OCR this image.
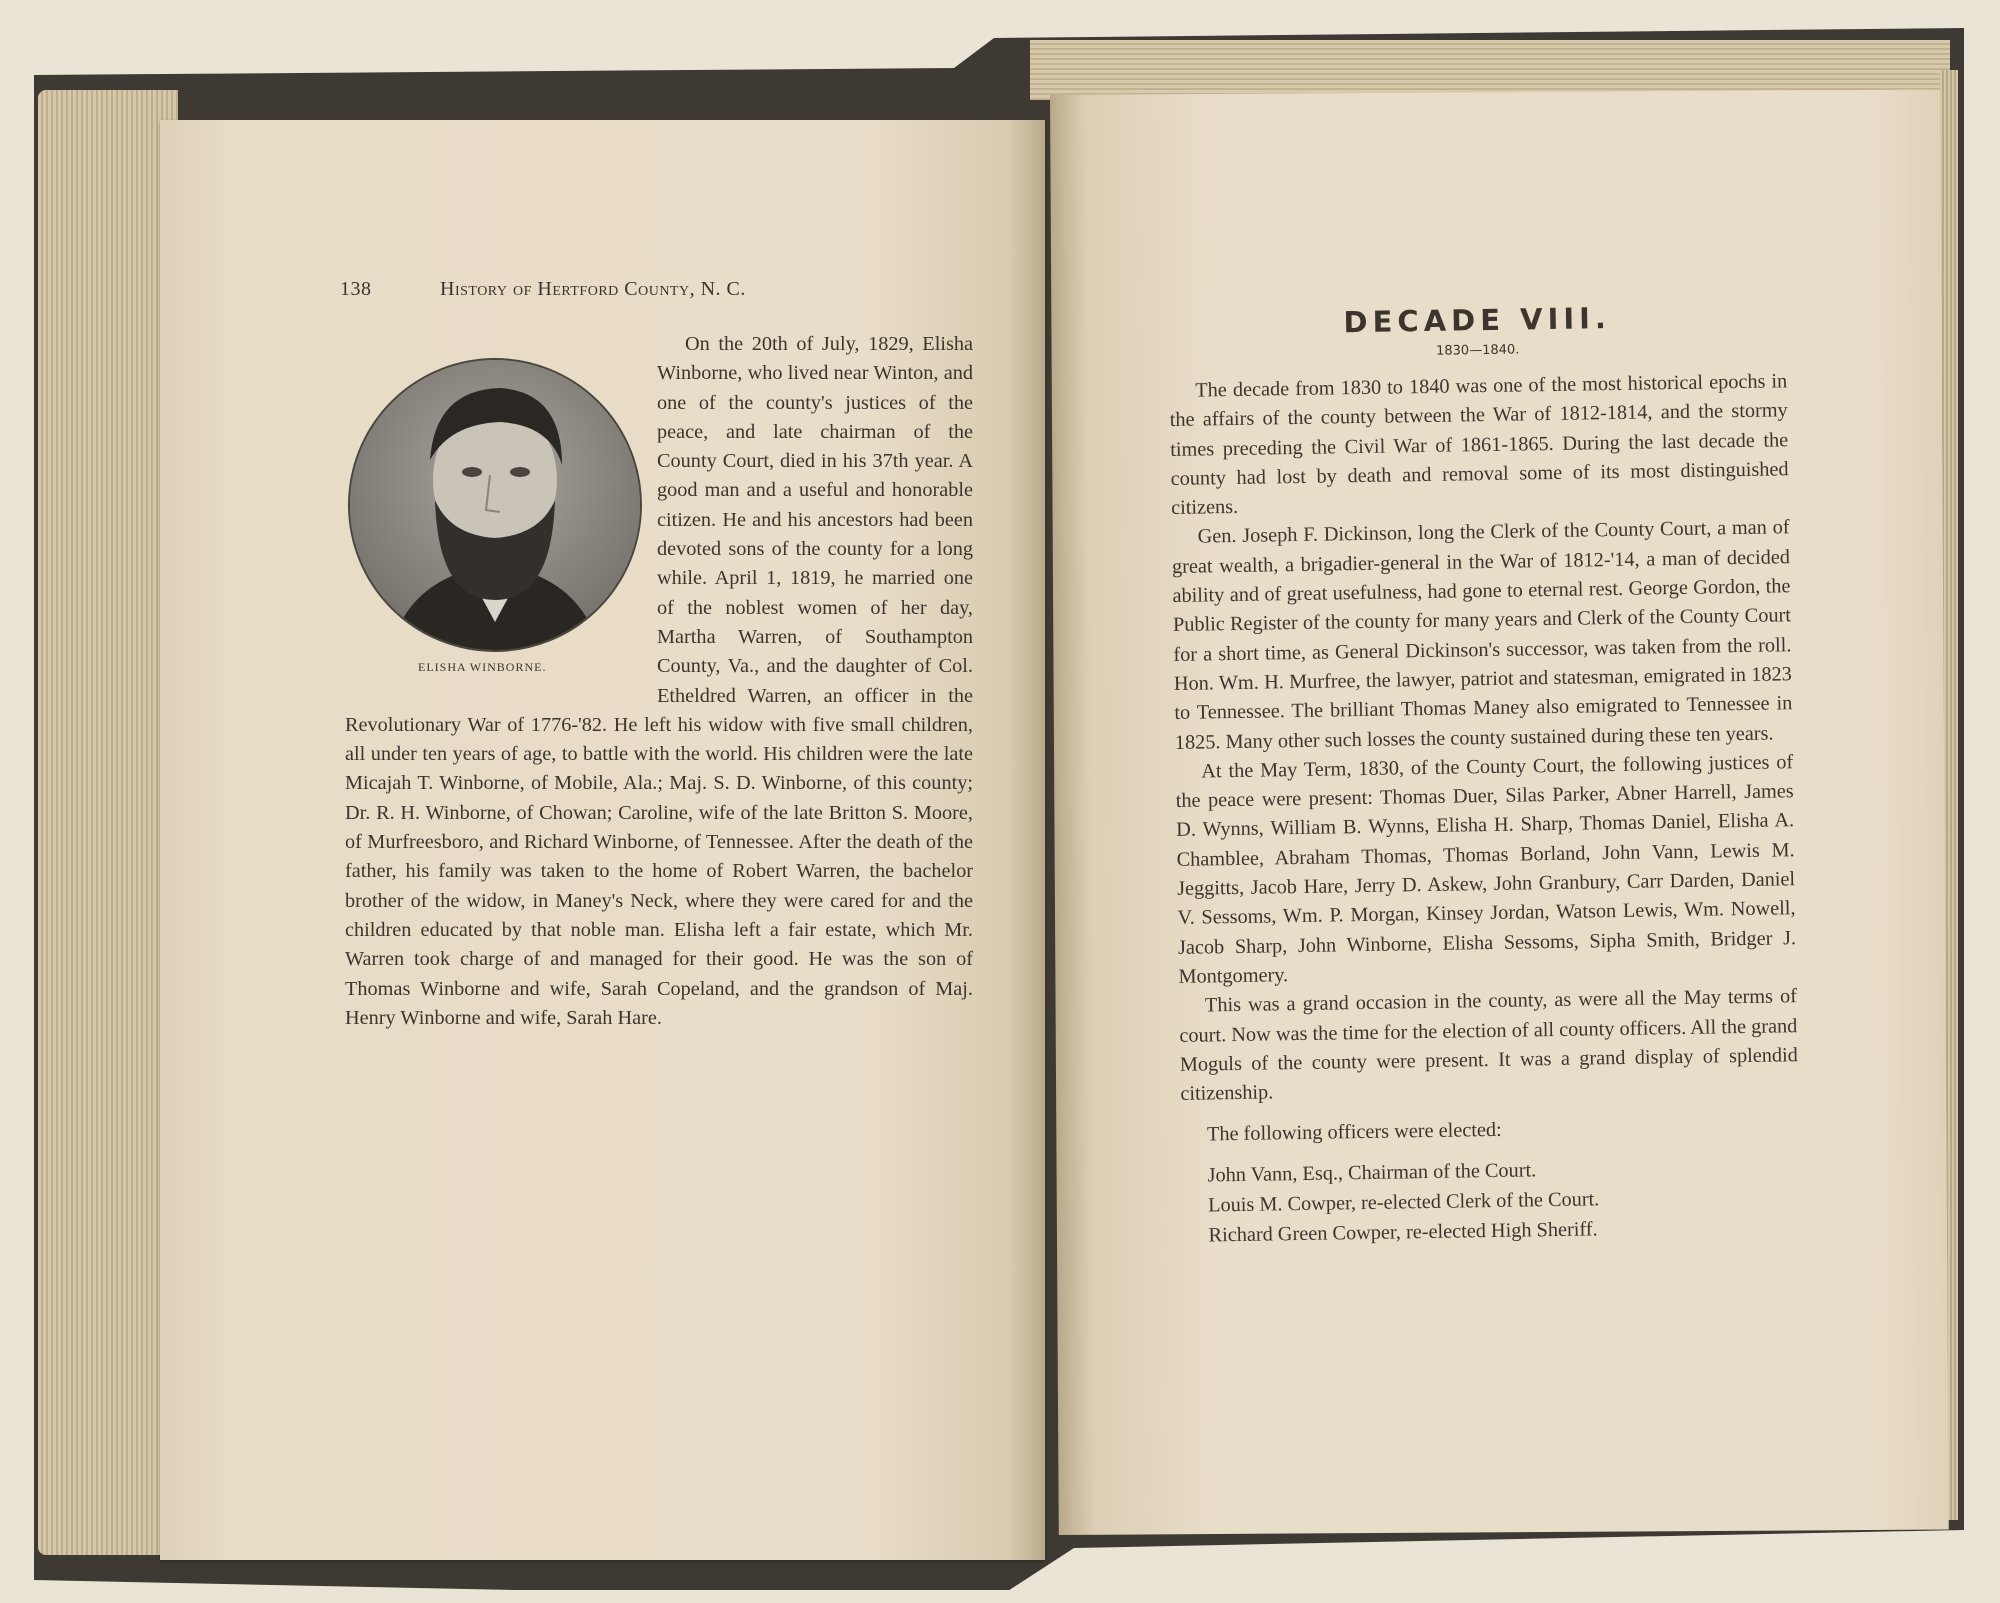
138	History of Hertford County, N. C.
ELISHA WINBORNE.

On the 20th of July, 1829, Elisha Winborne, who lived near Winton, and one of the county's justices of the peace, and late chairman of the County Court, died in his 37th year. A good man and a useful and honorable citizen. He and his ancestors had been devoted sons of the county for a long while. April 1, 1819, he married one of the noblest women of her day, Martha Warren, of Southampton County, Va., and the daughter of Col. Etheldred Warren, an officer in the Revolutionary War of 1776-'82. He left his widow with five small children, all under ten years of age, to battle with the world. His children were the late Micajah T. Winborne, of Mobile, Ala.; Maj. S. D. Winborne, of this county; Dr. R. H. Winborne, of Chowan; Caroline, wife of the late Britton S. Moore, of Murfreesboro, and Richard Winborne, of Tennessee. After the death of the father, his family was taken to the home of Robert Warren, the bachelor brother of the widow, in Maney's Neck, where they were cared for and the children educated by that noble man. Elisha left a fair estate, which Mr. Warren took charge of and managed for their good. He was the son of Thomas Winborne and wife, Sarah Copeland, and the grandson of Maj. Henry Winborne and wife, Sarah Hare.

DECADE VIII.
1830—1840.

The decade from 1830 to 1840 was one of the most historical epochs in the affairs of the county between the War of 1812-1814, and the stormy times preceding the Civil War of 1861-1865. During the last decade the county had lost by death and removal some of its most distinguished citizens.

Gen. Joseph F. Dickinson, long the Clerk of the County Court, a man of great wealth, a brigadier-general in the War of 1812-'14, a man of decided ability and of great usefulness, had gone to eternal rest. George Gordon, the Public Register of the county for many years and Clerk of the County Court for a short time, as General Dickinson's successor, was taken from the roll. Hon. Wm. H. Murfree, the lawyer, patriot and statesman, emigrated in 1823 to Tennessee. The brilliant Thomas Maney also emigrated to Tennessee in 1825. Many other such losses the county sustained during these ten years.

At the May Term, 1830, of the County Court, the following justices of the peace were present: Thomas Duer, Silas Parker, Abner Harrell, James D. Wynns, William B. Wynns, Elisha H. Sharp, Thomas Daniel, Elisha A. Chamblee, Abraham Thomas, Thomas Borland, John Vann, Lewis M. Jeggitts, Jacob Hare, Jerry D. Askew, John Granbury, Carr Darden, Daniel V. Sessoms, Wm. P. Morgan, Kinsey Jordan, Watson Lewis, Wm. Nowell, Jacob Sharp, John Winborne, Elisha Sessoms, Sipha Smith, Bridger J. Montgomery.

This was a grand occasion in the county, as were all the May terms of court. Now was the time for the election of all county officers. All the grand Moguls of the county were present. It was a grand display of splendid citizenship.

The following officers were elected:

John Vann, Esq., Chairman of the Court.
Louis M. Cowper, re-elected Clerk of the Court.
Richard Green Cowper, re-elected High Sheriff.
